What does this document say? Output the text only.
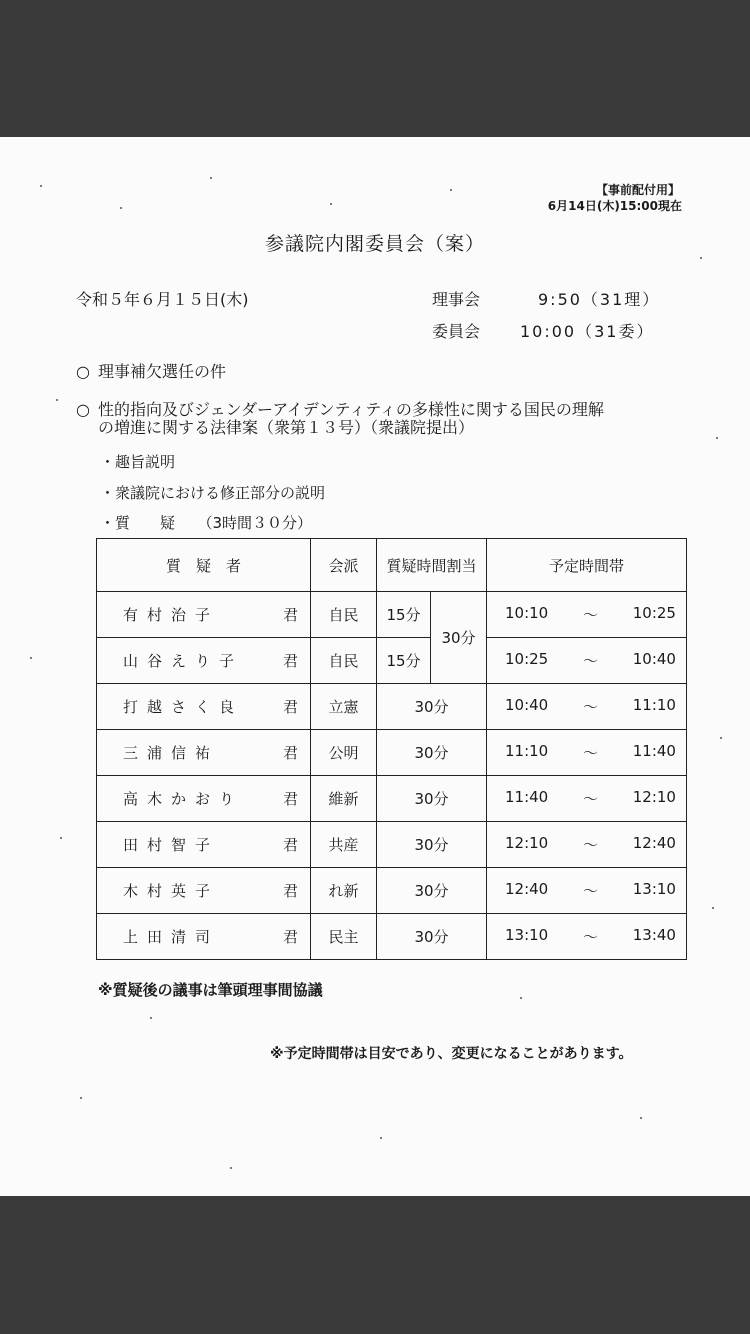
【事前配付用】
6月14日(木)15:00現在
参議院内閣委員会（案）
令和５年６月１５日(木)	理事会	9:50（31理）
委員会 10:00（31委）
○ 理事補欠選任の件
○ 性的指向及びジェンダーアイデンティティの多様性に関する国民の理解
の増進に関する法律案（衆第１３号）（衆議院提出）
・趣旨説明
・衆議院における修正部分の説明
・質　　疑　　（3時間３０分）
質　疑　者	会派	質疑時間割当		予定時間帯
有村治子 君	自民	15分	30分	10:10 ～ 10:25

山谷えり子 君	自民	15分		10:25 ～ 10:40

打越さく良 君	立憲	30分		10:40 ～ 11:10

三浦信祐 君	公明	30分		11:10 ～ 11:40

高木かおり 君	維新	30分		11:40 ～ 12:10

田村智子 君	共産	30分		12:10 ～ 12:40

木村英子 君	れ新	30分		12:40 ～ 13:10

上田清司 君	民主	30分		13:10 ～ 13:40
※質疑後の議事は筆頭理事間協議
※予定時間帯は目安であり、変更になることがあります。
